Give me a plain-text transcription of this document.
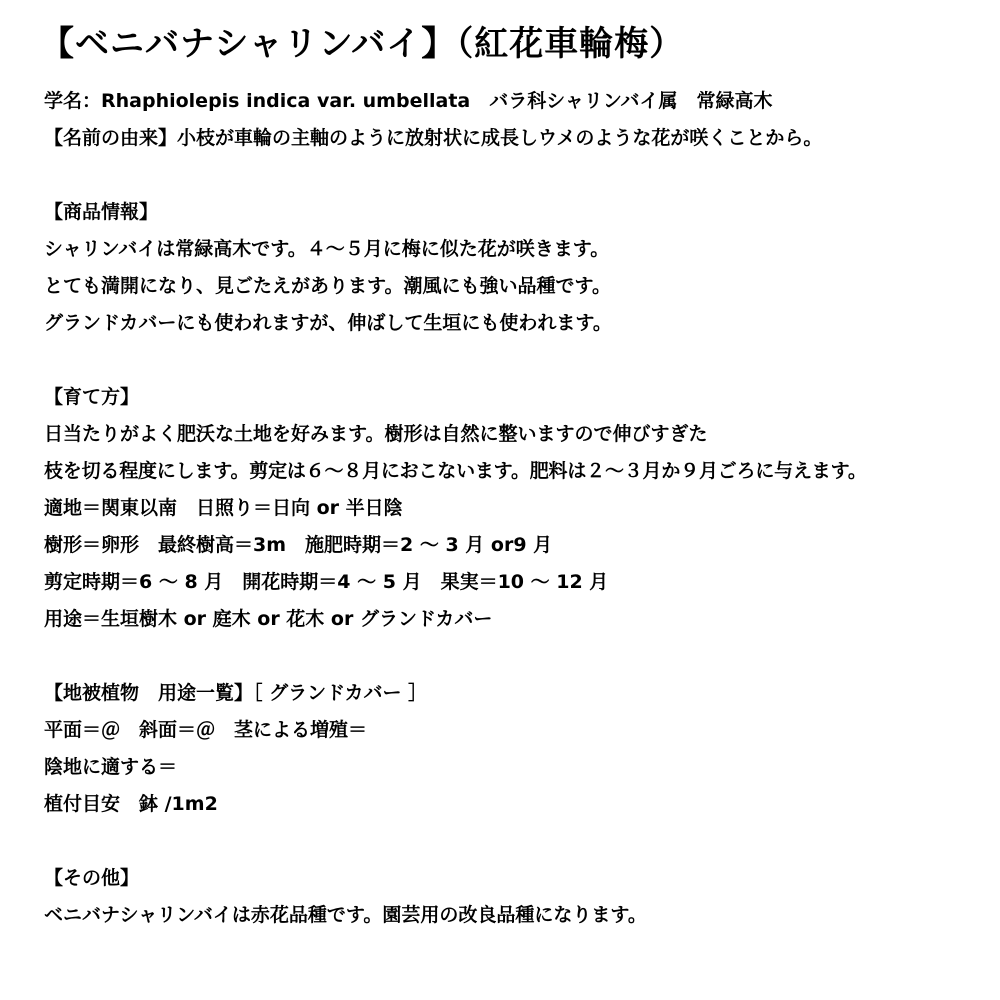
【ベニバナシャリンバイ】（紅花車輪梅）
学名：Rhaphiolepis indica var. umbellata　バラ科シャリンバイ属　常緑高木
【名前の由来】小枝が車輪の主軸のように放射状に成長しウメのような花が咲くことから。
【商品情報】
シャリンバイは常緑高木です。４～５月に梅に似た花が咲きます。
とても満開になり、見ごたえがあります。潮風にも強い品種です。
グランドカバーにも使われますが、伸ばして生垣にも使われます。
【育て方】
日当たりがよく肥沃な土地を好みます。樹形は自然に整いますので伸びすぎた
枝を切る程度にします。剪定は６～８月におこないます。肥料は２～３月か９月ごろに与えます。
適地＝関東以南　日照り＝日向 or 半日陰
樹形＝卵形　最終樹高＝3m　施肥時期＝2 ～ 3 月 or9 月
剪定時期＝6 ～ 8 月　開花時期＝4 ～ 5 月　果実＝10 ～ 12 月
用途＝生垣樹木 or 庭木 or 花木 or グランドカバー
【地被植物　用途一覧】［ グランドカバー ］
平面＝＠　斜面＝＠　茎による増殖＝
陰地に適する＝
植付目安　鉢 /1m2
【その他】
ベニバナシャリンバイは赤花品種です。園芸用の改良品種になります。
